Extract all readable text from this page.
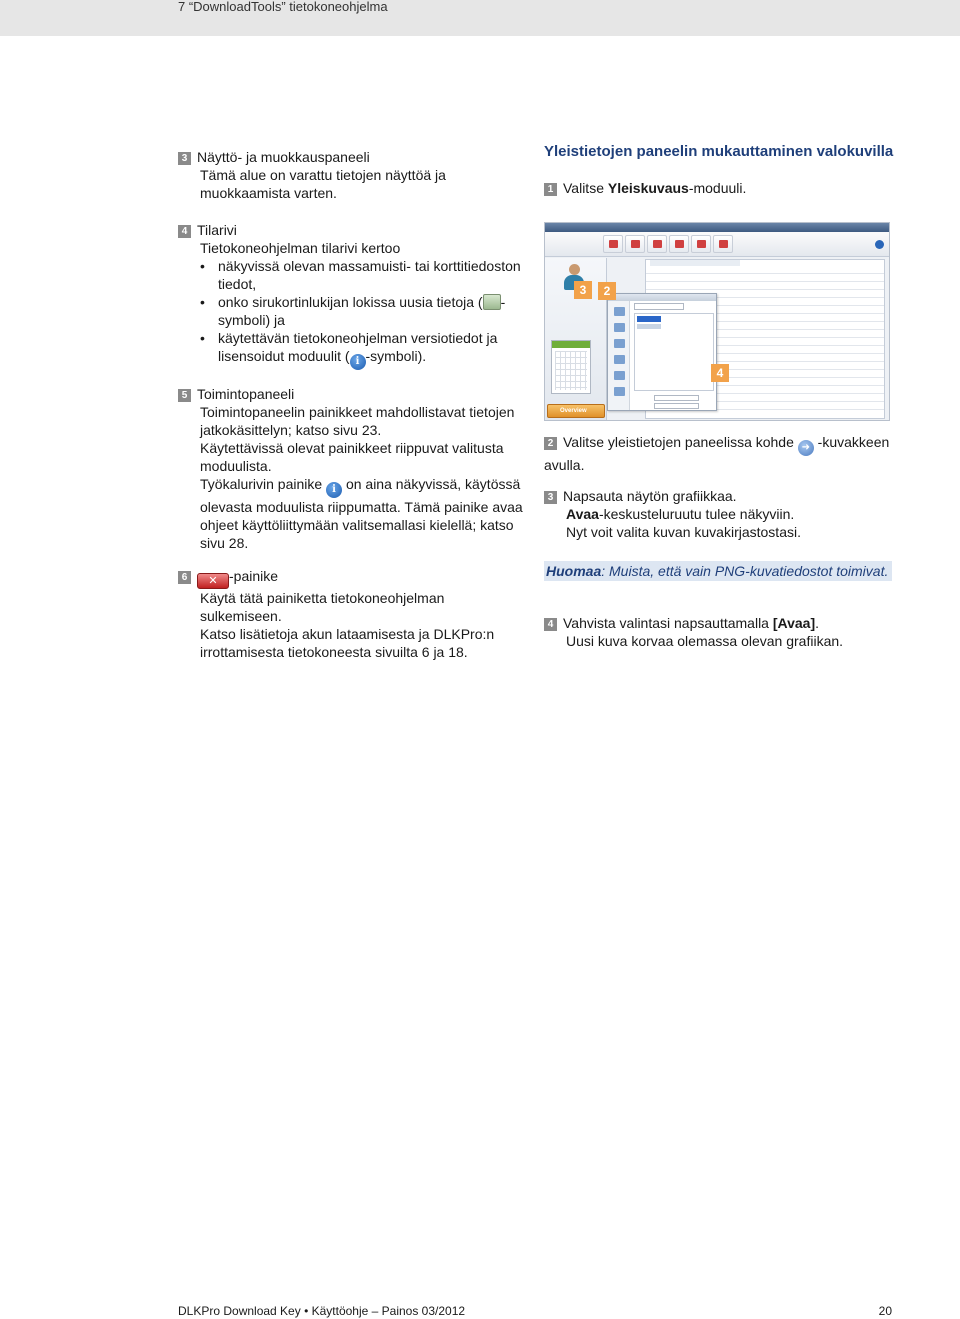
7 “DownloadTools” tietokoneohjelma
3 Näyttö- ja muokkauspaneeli
Tämä alue on varattu tietojen näyttöä ja muokkaamista varten.
4 Tilarivi
Tietokoneohjelman tilarivi kertoo
• näkyvissä olevan massamuisti- tai korttitiedoston tiedot,
• onko sirukortinlukijan lokissa uusia tietoja ( - symboli) ja
• käytettävän tietokoneohjelman versiotiedot ja lisensoidut moduulit ( i -symboli).
5 Toimintopaneeli
Toimintopaneelin painikkeet mahdollistavat tietojen jatkokäsittelyn; katso sivu 23.
Käytettävissä olevat painikkeet riippuvat valitusta moduulista.
Työkalurivin painike i on aina näkyvissä, käytössä olevasta moduulista riippumatta. Tämä painike avaa ohjeet käyttöliittymään valitsemallasi kielellä; katso sivu 28.
6 ✕ -painike
Käytä tätä painiketta tietokoneohjelman sulkemiseen.
Katso lisätietoja akun lataamisesta ja DLKPro:n irrottamisesta tietokoneesta sivuilta 6 ja 18.
Yleistietojen paneelin mukauttaminen valokuvilla
1 Valitse Yleiskuvaus-moduuli.
Overview
2
3
4
2 Valitse yleistietojen paneelissa kohde ➜ -kuvakkeen avulla.
3 Napsauta näytön grafiikkaa.
Avaa-keskusteluruutu tulee näkyviin.
Nyt voit valita kuvan kuvakirjastostasi.
Huomaa: Muista, että vain PNG-kuvatiedostot toimivat.
4 Vahvista valintasi napsauttamalla [Avaa].
Uusi kuva korvaa olemassa olevan grafiikan.
DLKPro Download Key • Käyttöohje – Painos 03/2012	20
